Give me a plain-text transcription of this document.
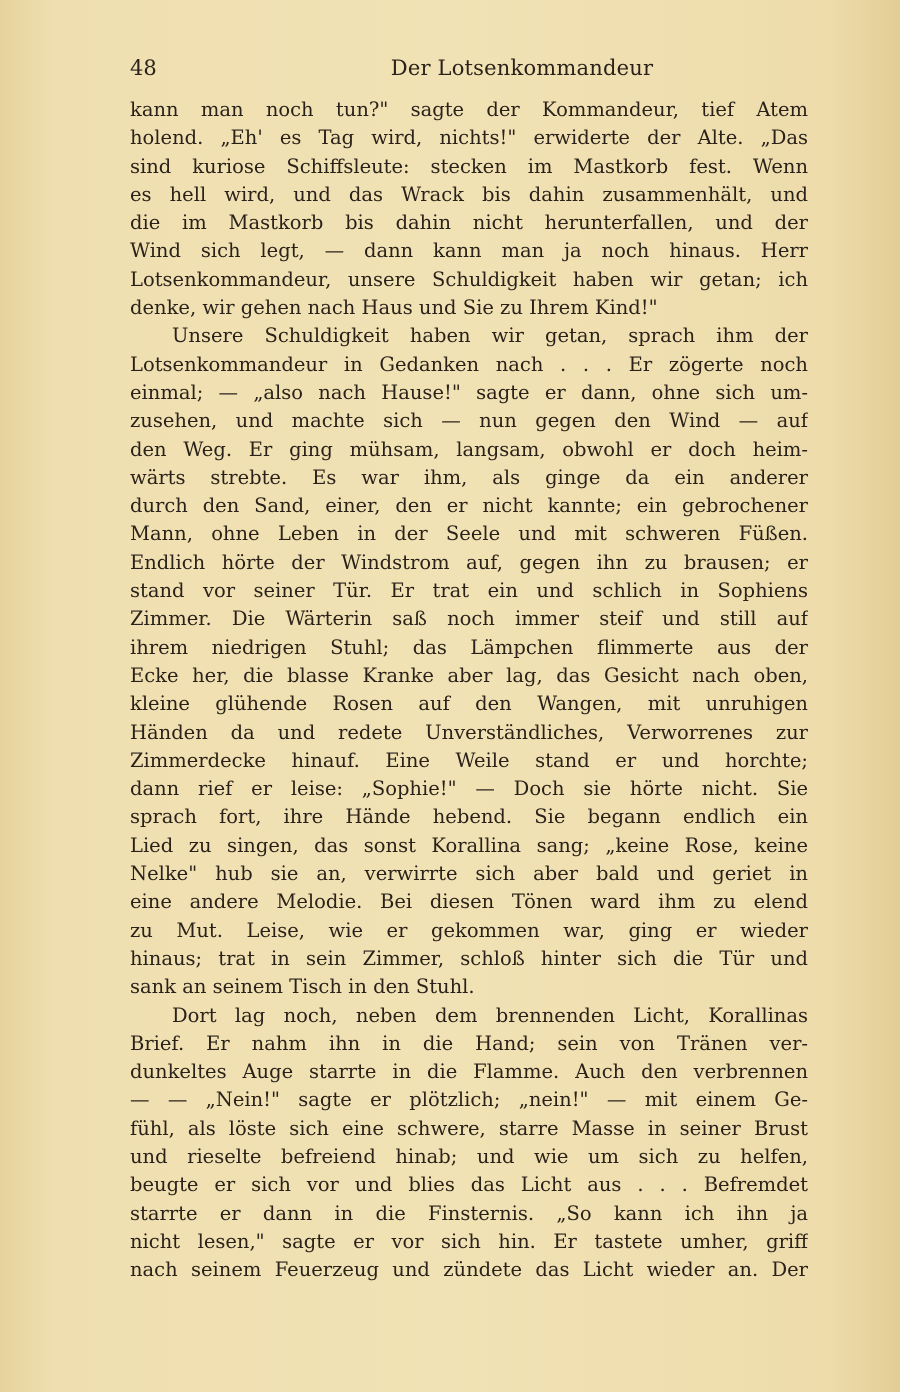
48	Der Lotsenkommandeur
kann man noch tun?" sagte der Kommandeur, tief Atem
holend. „Eh' es Tag wird, nichts!" erwiderte der Alte. „Das
sind kuriose Schiffsleute: stecken im Mastkorb fest. Wenn
es hell wird, und das Wrack bis dahin zusammenhält, und
die im Mastkorb bis dahin nicht herunterfallen, und der
Wind sich legt, — dann kann man ja noch hinaus. Herr
Lotsenkommandeur, unsere Schuldigkeit haben wir getan; ich
denke, wir gehen nach Haus und Sie zu Ihrem Kind!"
Unsere Schuldigkeit haben wir getan, sprach ihm der
Lotsenkommandeur in Gedanken nach . . . Er zögerte noch
einmal; — „also nach Hause!" sagte er dann, ohne sich um-
zusehen, und machte sich — nun gegen den Wind — auf
den Weg. Er ging mühsam, langsam, obwohl er doch heim-
wärts strebte. Es war ihm, als ginge da ein anderer
durch den Sand, einer, den er nicht kannte; ein gebrochener
Mann, ohne Leben in der Seele und mit schweren Füßen.
Endlich hörte der Windstrom auf, gegen ihn zu brausen; er
stand vor seiner Tür. Er trat ein und schlich in Sophiens
Zimmer. Die Wärterin saß noch immer steif und still auf
ihrem niedrigen Stuhl; das Lämpchen flimmerte aus der
Ecke her, die blasse Kranke aber lag, das Gesicht nach oben,
kleine glühende Rosen auf den Wangen, mit unruhigen
Händen da und redete Unverständliches, Verworrenes zur
Zimmerdecke hinauf. Eine Weile stand er und horchte;
dann rief er leise: „Sophie!" — Doch sie hörte nicht. Sie
sprach fort, ihre Hände hebend. Sie begann endlich ein
Lied zu singen, das sonst Korallina sang; „keine Rose, keine
Nelke" hub sie an, verwirrte sich aber bald und geriet in
eine andere Melodie. Bei diesen Tönen ward ihm zu elend
zu Mut. Leise, wie er gekommen war, ging er wieder
hinaus; trat in sein Zimmer, schloß hinter sich die Tür und
sank an seinem Tisch in den Stuhl.
Dort lag noch, neben dem brennenden Licht, Korallinas
Brief. Er nahm ihn in die Hand; sein von Tränen ver-
dunkeltes Auge starrte in die Flamme. Auch den verbrennen
— — „Nein!" sagte er plötzlich; „nein!" — mit einem Ge-
fühl, als löste sich eine schwere, starre Masse in seiner Brust
und rieselte befreiend hinab; und wie um sich zu helfen,
beugte er sich vor und blies das Licht aus . . . Befremdet
starrte er dann in die Finsternis. „So kann ich ihn ja
nicht lesen," sagte er vor sich hin. Er tastete umher, griff
nach seinem Feuerzeug und zündete das Licht wieder an. Der
